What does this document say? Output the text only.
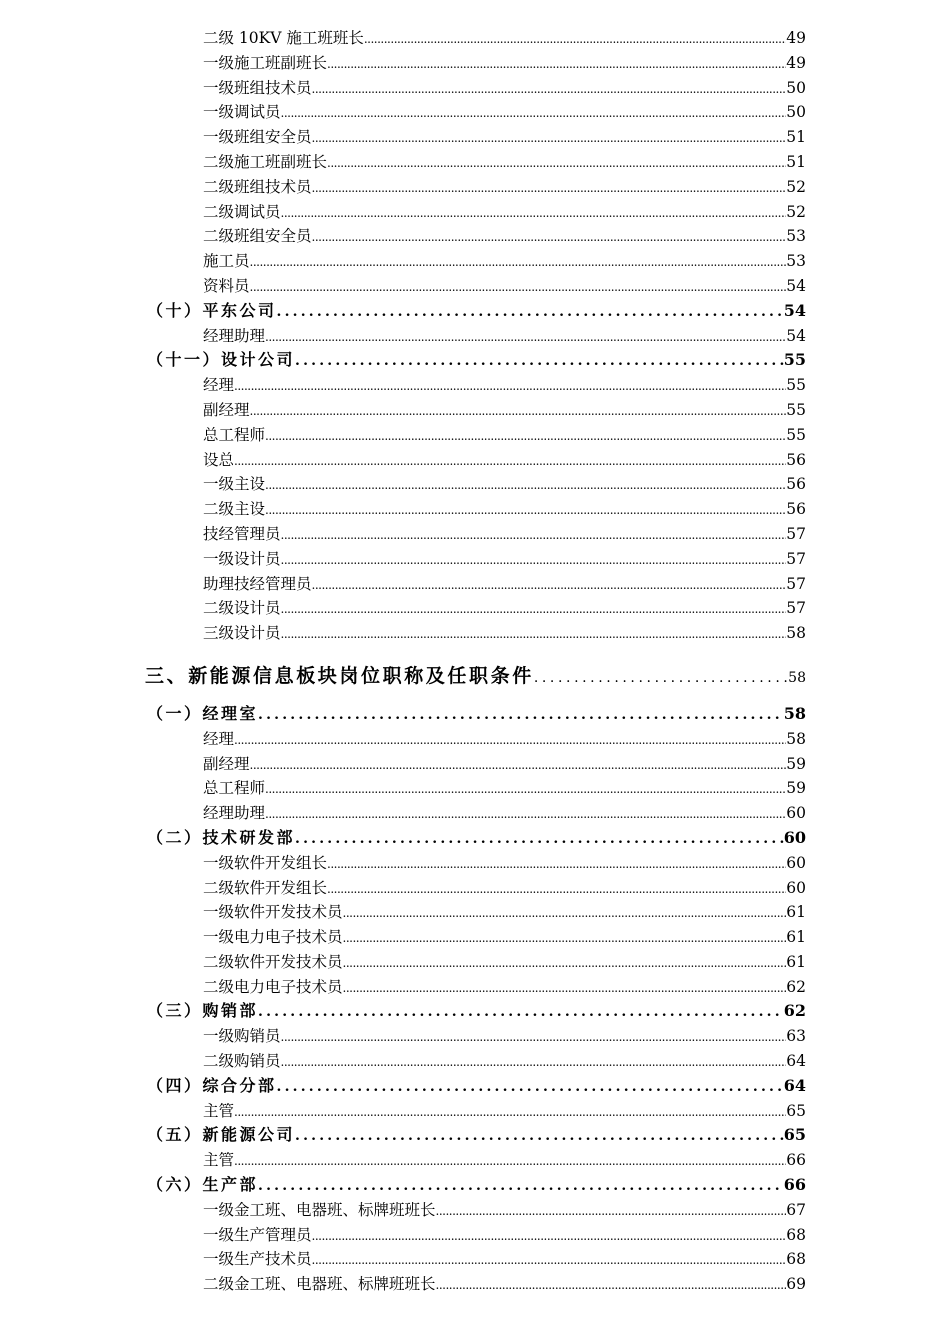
二级 10KV 施工班班长 .....	49
一级施工班副班长 .....	49
一级班组技术员 .....	50
一级调试员 .....	50
一级班组安全员 .....	51
二级施工班副班长 .....	51
二级班组技术员 .....	52
二级调试员 .....	52
二级班组安全员 .....	53
施工员 .....	53
资料员 .....	54
（十）平东公司 .....	54
经理助理 .....	54
（十一）设计公司 .....	55
经理 .....	55
副经理 .....	55
总工程师 .....	55
设总 .....	56
一级主设 .....	56
二级主设 .....	56
技经管理员 .....	57
一级设计员 .....	57
助理技经管理员 .....	57
二级设计员 .....	57
三级设计员 .....	58
三、新能源信息板块岗位职称及任职条件 .....	58
（一）经理室 .....	58
经理 .....	58
副经理 .....	59
总工程师 .....	59
经理助理 .....	60
（二）技术研发部 .....	60
一级软件开发组长 .....	60
二级软件开发组长 .....	60
一级软件开发技术员 .....	61
一级电力电子技术员 .....	61
二级软件开发技术员 .....	61
二级电力电子技术员 .....	62
（三）购销部 .....	62
一级购销员 .....	63
二级购销员 .....	64
（四）综合分部 .....	64
主管 .....	65
（五）新能源公司 .....	65
主管 .....	66
（六）生产部 .....	66
一级金工班、电器班、标牌班班长 .....	67
一级生产管理员 .....	68
一级生产技术员 .....	68
二级金工班、电器班、标牌班班长 .....	69
